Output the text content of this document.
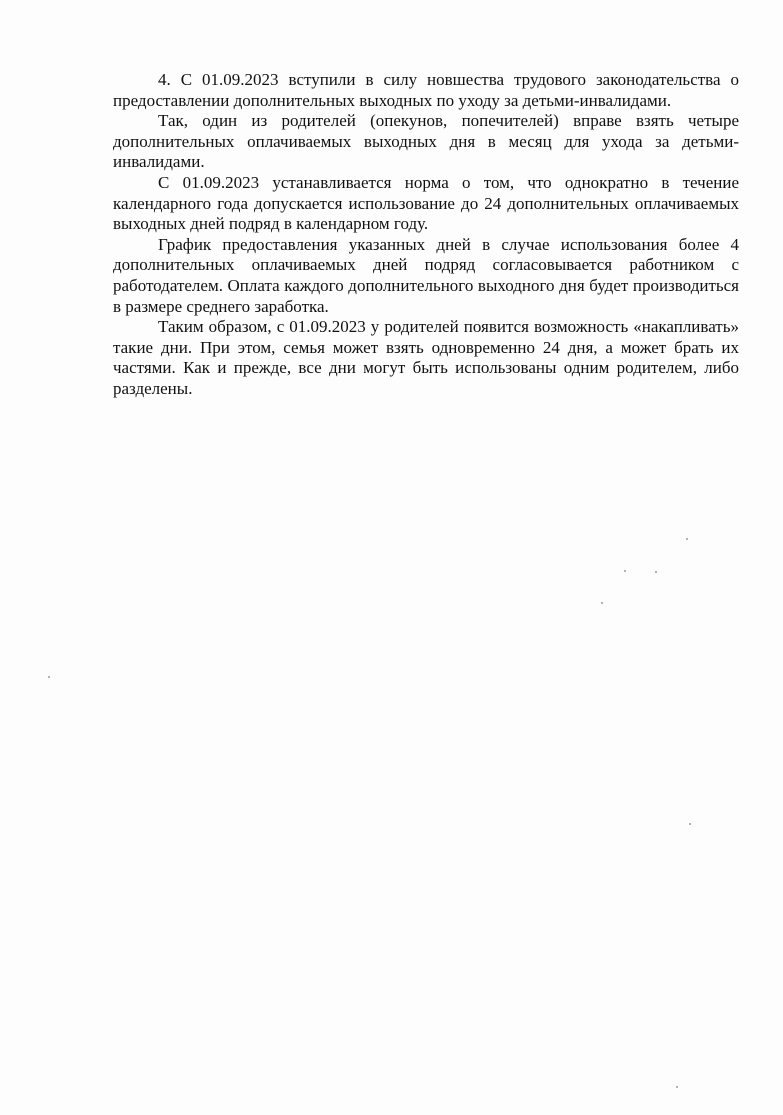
4. С 01.09.2023 вступили в силу новшества трудового законодательства о предоставлении дополнительных выходных по уходу за детьми-инвалидами.

Так, один из родителей (опекунов, попечителей) вправе взять четыре дополнительных оплачиваемых выходных дня в месяц для ухода за детьми-инвалидами.

С 01.09.2023 устанавливается норма о том, что однократно в течение календарного года допускается использование до 24 дополнительных оплачиваемых выходных дней подряд в календарном году.

График предоставления указанных дней в случае использования более 4 дополнительных оплачиваемых дней подряд согласовывается работником с работодателем. Оплата каждого дополнительного выходного дня будет производиться в размере среднего заработка.

Таким образом, с 01.09.2023 у родителей появится возможность «накапливать» такие дни. При этом, семья может взять одновременно 24 дня, а может брать их частями. Как и прежде, все дни могут быть использованы одним родителем, либо разделены.
